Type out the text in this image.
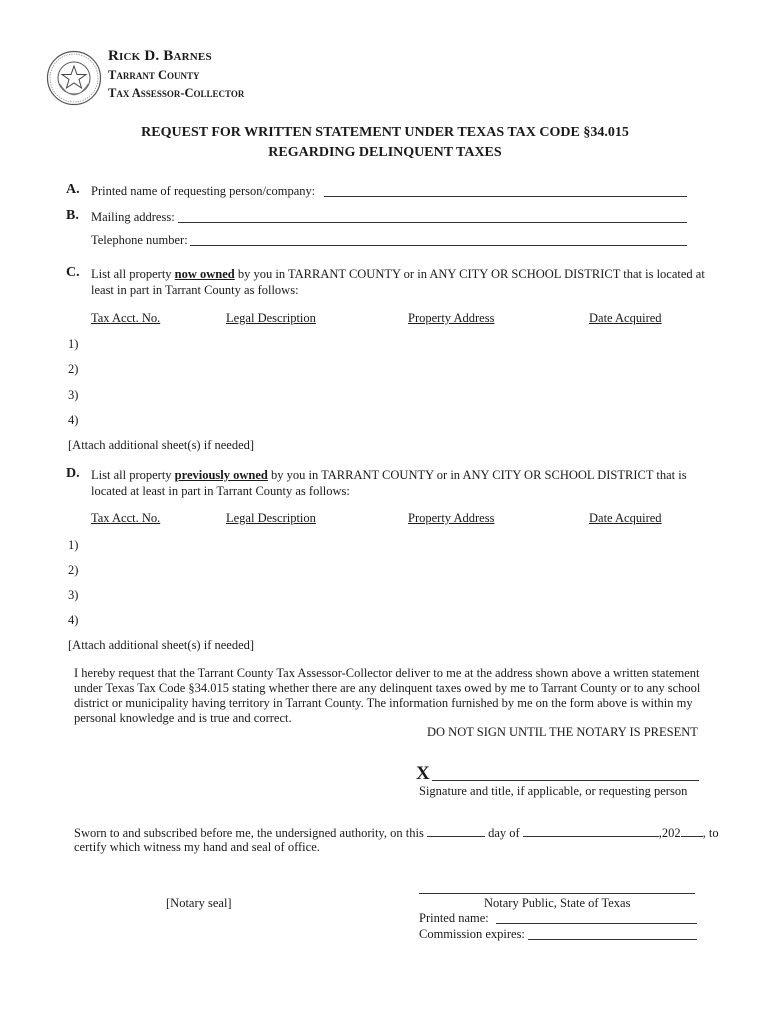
Rick D. Barnes
Tarrant County
Tax Assessor-Collector
REQUEST FOR WRITTEN STATEMENT UNDER TEXAS TAX CODE §34.015
REGARDING DELINQUENT TAXES
A. Printed name of requesting person/company:
B. Mailing address:
Telephone number:
C. List all property now owned by you in TARRANT COUNTY or in ANY CITY OR SCHOOL DISTRICT that is located at
least in part in Tarrant County as follows:
Tax Acct. No.	Legal Description	Property Address	Date Acquired
1)
2)
3)
4)
[Attach additional sheet(s) if needed]
D. List all property previously owned by you in TARRANT COUNTY or in ANY CITY OR SCHOOL DISTRICT that is
located at least in part in Tarrant County as follows:
Tax Acct. No.	Legal Description	Property Address	Date Acquired
1)
2)
3)
4)
[Attach additional sheet(s) if needed]
I hereby request that the Tarrant County Tax Assessor-Collector deliver to me at the address shown above a written statement
under Texas Tax Code §34.015 stating whether there are any delinquent taxes owed by me to Tarrant County or to any school
district or municipality having territory in Tarrant County. The information furnished by me on the form above is within my
personal knowledge and is true and correct.
DO NOT SIGN UNTIL THE NOTARY IS PRESENT
X
Signature and title, if applicable, or requesting person
Sworn to and subscribed before me, the undersigned authority, on this	day of	,202 , to
certify which witness my hand and seal of office.
[Notary seal]	Notary Public, State of Texas
Printed name:
Commission expires:
